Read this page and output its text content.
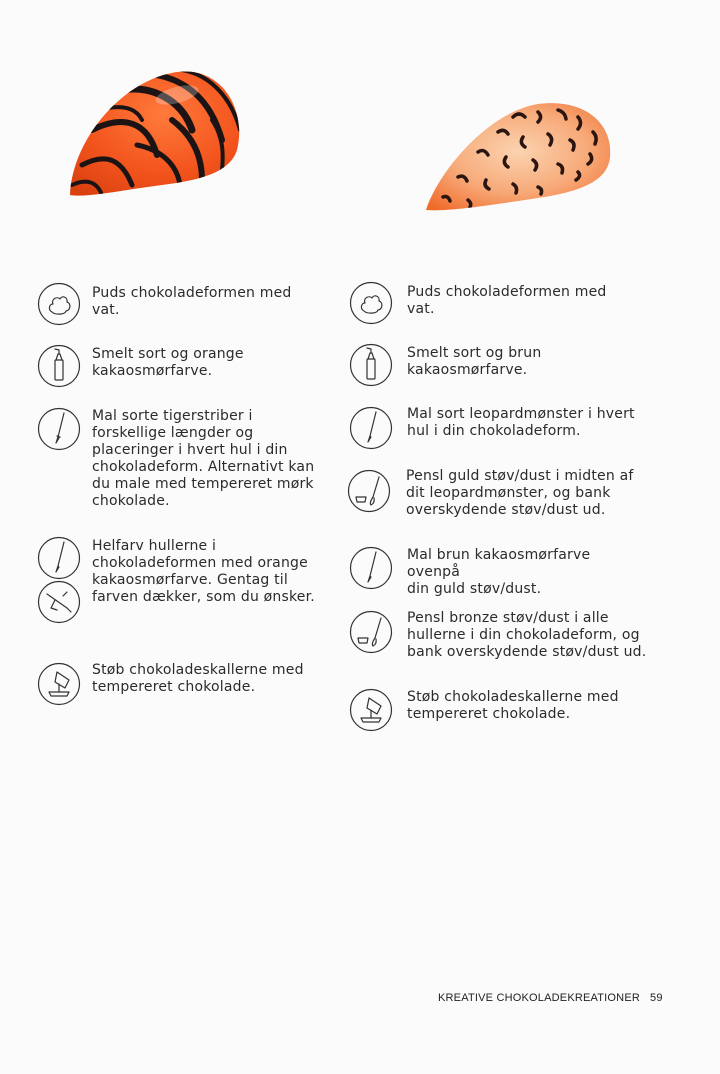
Puds chokoladeformen med
vat.
Smelt sort og orange
kakaosmørfarve.
Mal sorte tigerstriber i
forskellige længder og
placeringer i hvert hul i din
chokoladeform. Alternativt kan
du male med tempereret mørk
chokolade.
Helfarv hullerne i
chokoladeformen med orange
kakaosmørfarve. Gentag til
farven dækker, som du ønsker.
Støb chokoladeskallerne med
tempereret chokolade.
Puds chokoladeformen med
vat.
Smelt sort og brun
kakaosmørfarve.
Mal sort leopardmønster i hvert
hul i din chokoladeform.
Pensl guld støv/dust i midten af
dit leopardmønster, og bank
overskydende støv/dust ud.
Mal brun kakaosmørfarve ovenpå
din guld støv/dust.
Pensl bronze støv/dust i alle
hullerne i din chokoladeform, og
bank overskydende støv/dust ud.
Støb chokoladeskallerne med
tempereret chokolade.
KREATIVE CHOKOLADEKREATIONER 59
